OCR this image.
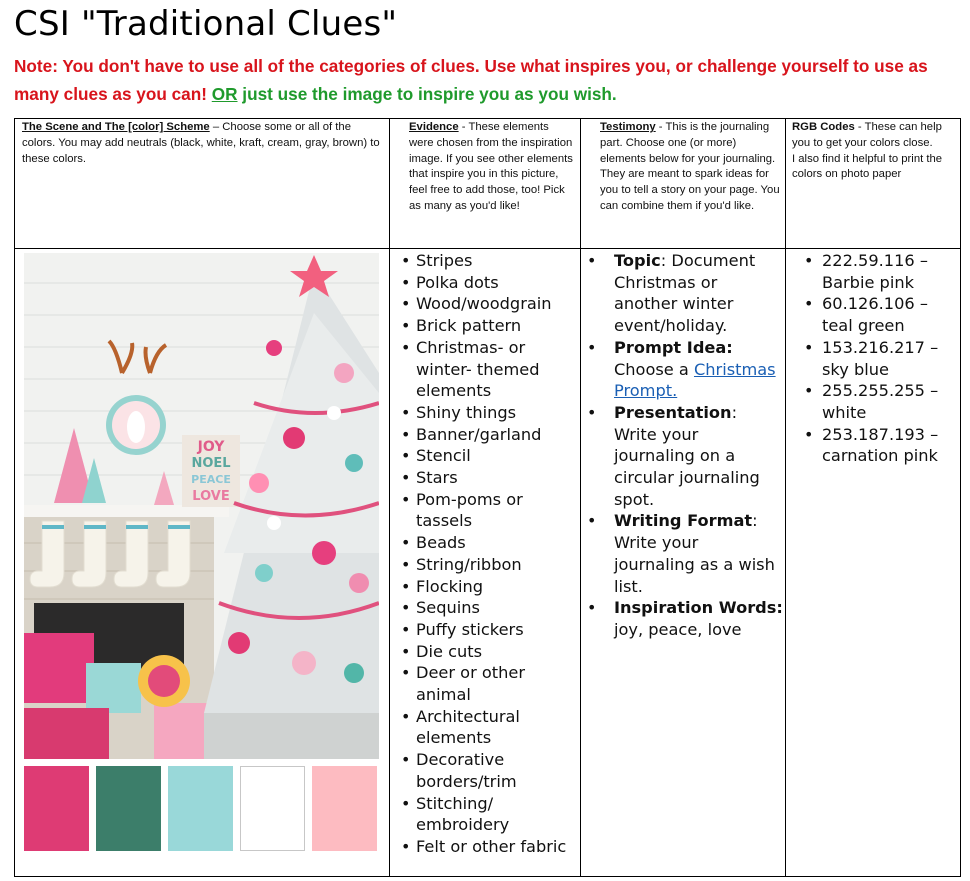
CSI "Traditional Clues"
Note: You don't have to use all of the categories of clues. Use what inspires you, or challenge yourself to use as many clues as you can! OR just use the image to inspire you as you wish.
The Scene and The [color] Scheme – Choose some or all of the colors. You may add neutrals (black, white, kraft, cream, gray, brown) to these colors.
Evidence - These elements were chosen from the inspiration image. If you see other elements that inspire you in this picture, feel free to add those, too! Pick as many as you'd like!
Testimony - This is the journaling part. Choose one (or more) elements below for your journaling. They are meant to spark ideas for you to tell a story on your page. You can combine them if you'd like.
RGB Codes - These can help you to get your colors close.
I also find it helpful to print the colors on photo paper
JOY
NOEL
PEACE
LOVE
• Stripes
• Polka dots
• Wood/woodgrain
• Brick pattern
• Christmas- or winter- themed elements
• Shiny things
• Banner/garland
• Stencil
• Stars
• Pom-poms or tassels
• Beads
• String/ribbon
• Flocking
• Sequins
• Puffy stickers
• Die cuts
• Deer or other animal
• Architectural elements
• Decorative borders/trim
• Stitching/ embroidery
• Felt or other fabric
• Topic: Document Christmas or another winter event/holiday.
• Prompt Idea: Choose a Christmas Prompt.
• Presentation: Write your journaling on a circular journaling spot.
• Writing Format: Write your journaling as a wish list.
• Inspiration Words: joy, peace, love
• 222.59.116 – Barbie pink
• 60.126.106 – teal green
• 153.216.217 – sky blue
• 255.255.255 – white
• 253.187.193 – carnation pink
